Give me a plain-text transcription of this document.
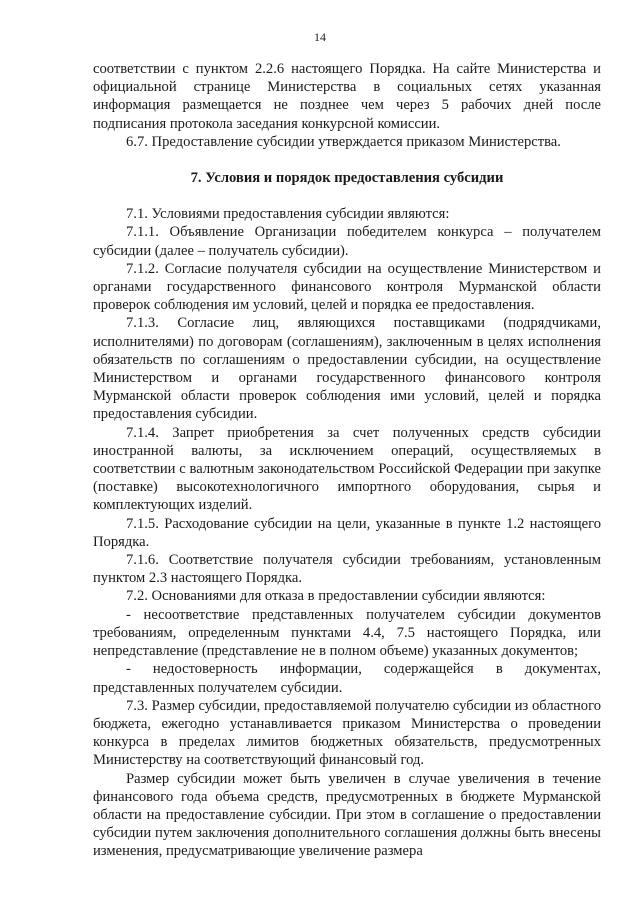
14

соответствии с пунктом 2.2.6 настоящего Порядка. На сайте Министерства и официальной странице Министерства в социальных сетях указанная информация размещается не позднее чем через 5 рабочих дней после подписания протокола заседания конкурсной комиссии.

6.7. Предоставление субсидии утверждается приказом Министерства.

7. Условия и порядок предоставления субсидии

7.1. Условиями предоставления субсидии являются:

7.1.1. Объявление Организации победителем конкурса – получателем субсидии (далее – получатель субсидии).

7.1.2. Согласие получателя субсидии на осуществление Министерством и органами государственного финансового контроля Мурманской области проверок соблюдения им условий, целей и порядка ее предоставления.

7.1.3. Согласие лиц, являющихся поставщиками (подрядчиками, исполнителями) по договорам (соглашениям), заключенным в целях исполнения обязательств по соглашениям о предоставлении субсидии, на осуществление Министерством и органами государственного финансового контроля Мурманской области проверок соблюдения ими условий, целей и порядка предоставления субсидии.

7.1.4. Запрет приобретения за счет полученных средств субсидии иностранной валюты, за исключением операций, осуществляемых в соответствии с валютным законодательством Российской Федерации при закупке (поставке) высокотехнологичного импортного оборудования, сырья и комплектующих изделий.

7.1.5. Расходование субсидии на цели, указанные в пункте 1.2 настоящего Порядка.

7.1.6. Соответствие получателя субсидии требованиям, установленным пунктом 2.3 настоящего Порядка.

7.2. Основаниями для отказа в предоставлении субсидии являются:

- несоответствие представленных получателем субсидии документов требованиям, определенным пунктами 4.4, 7.5 настоящего Порядка, или непредставление (представление не в полном объеме) указанных документов;

- недостоверность информации, содержащейся в документах, представленных получателем субсидии.

7.3. Размер субсидии, предоставляемой получателю субсидии из областного бюджета, ежегодно устанавливается приказом Министерства о проведении конкурса в пределах лимитов бюджетных обязательств, предусмотренных Министерству на соответствующий финансовый год.

Размер субсидии может быть увеличен в случае увеличения в течение финансового года объема средств, предусмотренных в бюджете Мурманской области на предоставление субсидии. При этом в соглашение о предоставлении субсидии путем заключения дополнительного соглашения должны быть внесены изменения, предусматривающие увеличение размера
